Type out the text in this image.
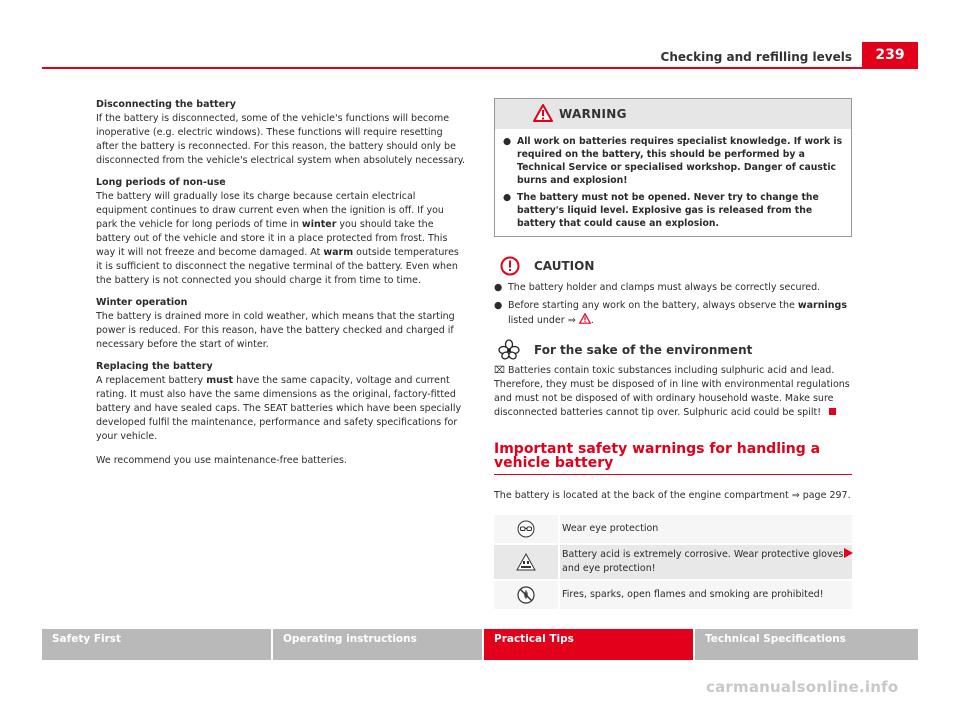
Checking and refilling levels	239
Disconnecting the battery

If the battery is disconnected, some of the vehicle's functions will become inoperative (e.g. electric windows). These functions will require resetting after the battery is reconnected. For this reason, the battery should only be disconnected from the vehicle's electrical system when absolutely necessary.

Long periods of non-use

The battery will gradually lose its charge because certain electrical equipment continues to draw current even when the ignition is off. If you park the vehicle for long periods of time in winter you should take the battery out of the vehicle and store it in a place protected from frost. This way it will not freeze and become damaged. At warm outside temperatures it is sufficient to disconnect the negative terminal of the battery. Even when the battery is not connected you should charge it from time to time.

Winter operation

The battery is drained more in cold weather, which means that the starting power is reduced. For this reason, have the battery checked and charged if necessary before the start of winter.

Replacing the battery

A replacement battery must have the same capacity, voltage and current rating. It must also have the same dimensions as the original, factory-fitted battery and have sealed caps. The SEAT batteries which have been specially developed fulfil the maintenance, performance and safety specifications for your vehicle.

We recommend you use maintenance-free batteries.

WARNING
● All work on batteries requires specialist knowledge. If work is required on the battery, this should be performed by a Technical Service or specialised workshop. Danger of caustic burns and explosion!
● The battery must not be opened. Never try to change the battery's liquid level. Explosive gas is released from the battery that could cause an explosion.
CAUTION
● The battery holder and clamps must always be correctly secured.
● Before starting any work on the battery, always observe the warnings
listed under ⇒ .
For the sake of the environment

⌧ Batteries contain toxic substances including sulphuric acid and lead. Therefore, they must be disposed of in line with environmental regulations and must not be disposed of with ordinary household waste. Make sure disconnected batteries cannot tip over. Sulphuric acid could be spilt!

Important safety warnings for handling a vehicle battery

The battery is located at the back of the engine compartment ⇒ page 297.

Wear eye protection
Battery acid is extremely corrosive. Wear protective gloves and eye protection!
Fires, sparks, open flames and smoking are prohibited!
Safety First	Operating instructions	Practical Tips	Technical Specifications
carmanualsonline.info
